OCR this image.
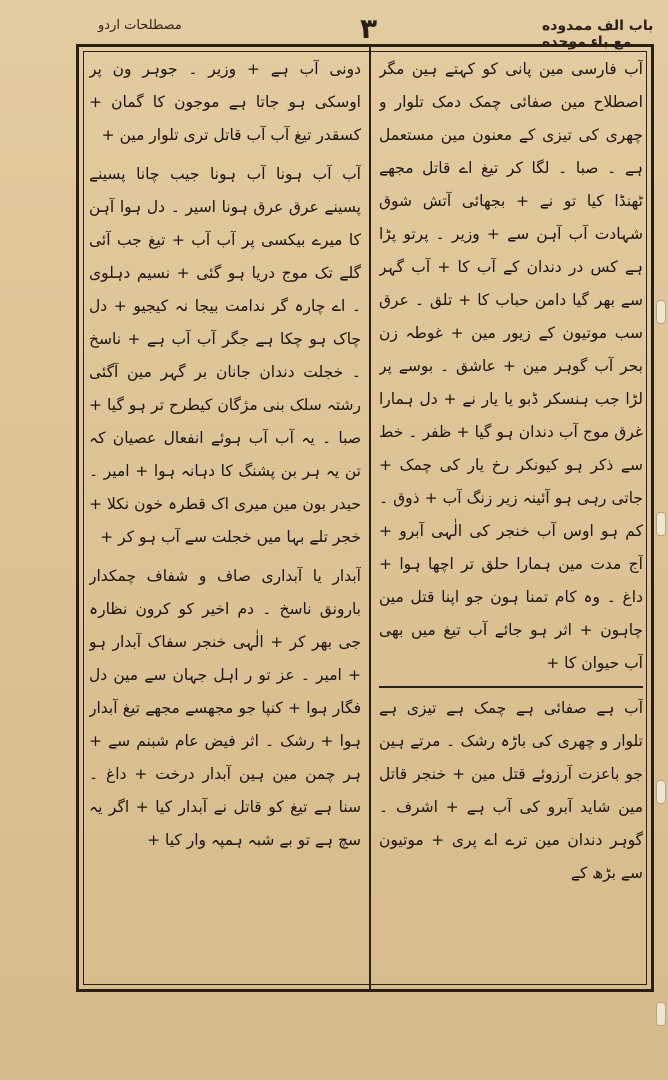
مصطلحات اردو	٣	باب الف ممدوده مع باء موحده

آب فارسی مین پانی کو کہتے ہین مگر اصطلاح مین صفائی چمک دمک تلوار و چھری کی تیزی کے معنون مین مستعمل ہے ۔ صبا ۔ لگا کر تیغ اے قاتل مجھے ٹھنڈا کیا تو نے + بجھائی آتش شوق شہادت آب آہن سے + وزیر ۔ پرتو پڑا ہے کس در دندان کے آب کا + آب گہر سے بھر گیا دامن حباب کا + تلق ۔ عرق سب موتیون کے زیور مین + غوطہ زن بحر آب گوہر مین + عاشق ۔ بوسے پر لڑا جب ہنسکر ڈبو یا یار نے + دل ہمارا غرق موج آب دندان ہو گیا + ظفر ۔ خط سے ذکر ہو کیونکر رخ یار کی چمک + جاتی رہی ہو آئینہ زیر زنگ آب + ذوق ۔ کم ہو اوس آب خنجر کی الٰہی آبرو + آج مدت مین ہمارا حلق تر اچھا ہوا + داغ ۔ وہ کام تمنا ہون جو اپنا قتل مین چاہون + اثر ہو جائے آب تیغ میں بھی آب حیوان کا +

آب ہے صفائی ہے چمک ہے تیزی ہے تلوار و چھری کی باڑہ رشک ۔ مرتے ہین جو باعزت آرزوئے قتل مین + خنجر قاتل مین شاید آبرو کی آب ہے + اشرف ۔ گوہر دندان مین ترے اے پری + موتیون سے بڑھ کے

دونی آب ہے + وزیر ۔ جوہر ون پر اوسکی ہو جاتا ہے موجون کا گمان + کسقدر تیغ آب آب قاتل تری تلوار مین +

آب آب ہونا آب ہونا جیب چانا پسینے پسینے عرق عرق ہونا اسیر ۔ دل ہوا آہن کا میرے بیکسی پر آب آب + تیغ جب آئی گلے تک موج دریا ہو گئی + نسیم دہلوی ۔ اے چارہ گر ندامت بیجا نہ کیجیو + دل چاک ہو چکا ہے جگر آب آب ہے + ناسخ ۔ خجلت دندان جانان بر گہر مین آگئی رشتہ سلک بنی مژگان کیطرح تر ہو گیا + صبا ۔ یہ آب آب ہوئے انفعال عصیان کہ تن یہ ہر بن پشنگ کا دہانہ ہوا + امیر ۔ حیدر بون مین میری اک قطرہ خون نکلا + خجر تلے بہا میں خجلت سے آب ہو کر +

آبدار یا آبداری صاف و شفاف چمکدار بارونق ناسخ ۔ دم اخیر کو کرون نظارہ جی بھر کر + الٰہی خنجر سفاک آبدار ہو + امیر ۔ عز تو ر اہل جہان سے مین دل فگار ہوا + کنپا جو مجھسے مجھے تیغ آبدار ہوا + رشک ۔ اثر فیض عام شبنم سے + ہر چمن مین ہین آبدار درخت + داغ ۔ سنا ہے تیغ کو قاتل نے آبدار کیا + اگر یہ سچ ہے تو بے شبہ ہمپہ وار کیا +
